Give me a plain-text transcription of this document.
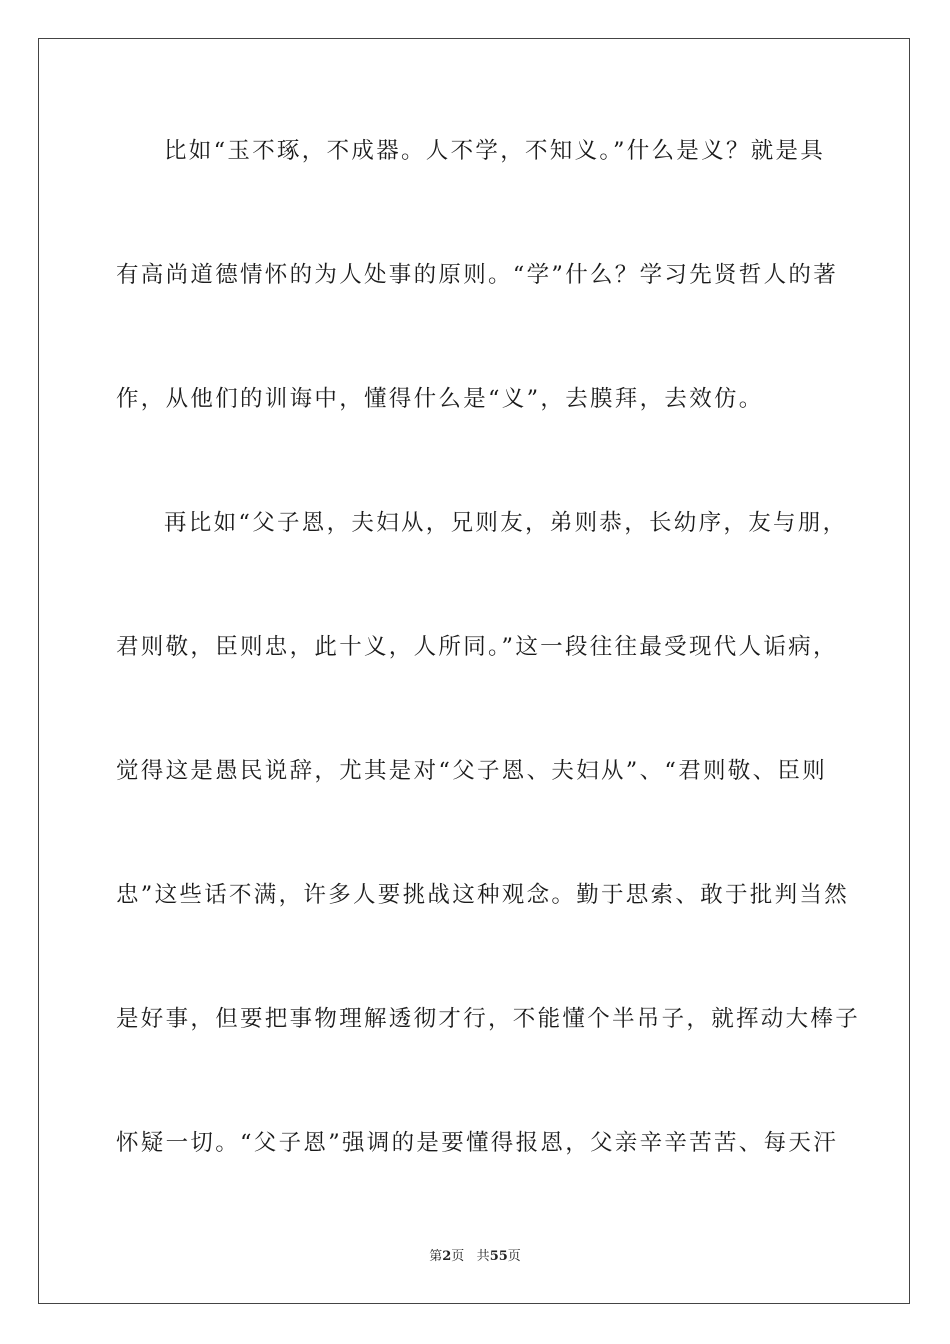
比如“玉不琢，不成器。人不学，不知义。”什么是义？就是具
有高尚道德情怀的为人处事的原则。“学”什么？学习先贤哲人的著
作，从他们的训诲中，懂得什么是“义”，去膜拜，去效仿。
再比如“父子恩，夫妇从，兄则友，弟则恭，长幼序，友与朋，
君则敬，臣则忠，此十义，人所同。”这一段往往最受现代人诟病，
觉得这是愚民说辞，尤其是对“父子恩、夫妇从”、“君则敬、臣则
忠”这些话不满，许多人要挑战这种观念。勤于思索、敢于批判当然
是好事，但要把事物理解透彻才行，不能懂个半吊子，就挥动大棒子
怀疑一切。“父子恩”强调的是要懂得报恩，父亲辛辛苦苦、每天汗
第2页 共55页
